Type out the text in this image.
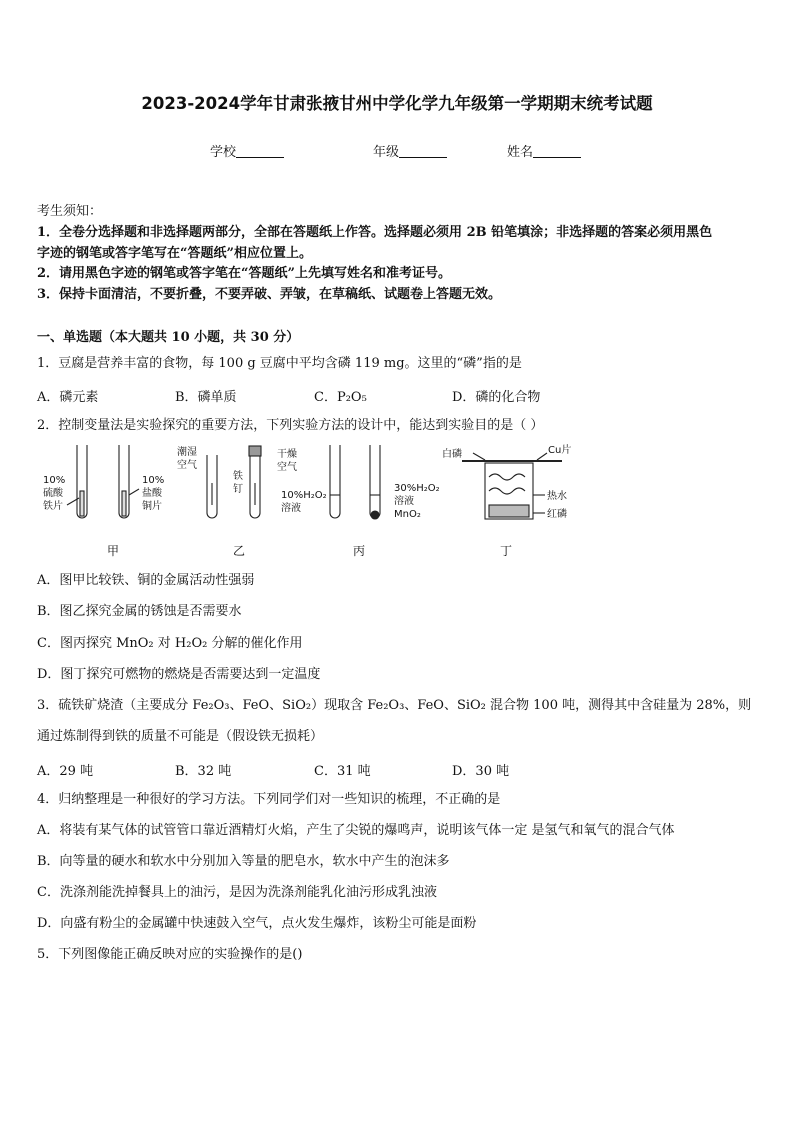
2023-2024学年甘肃张掖甘州中学化学九年级第一学期期末统考试题
学校	年级	姓名
考生须知：
1．全卷分选择题和非选择题两部分，全部在答题纸上作答。选择题必须用 2B 铅笔填涂；非选择题的答案必须用黑色
字迹的钢笔或答字笔写在“答题纸”相应位置上。
2．请用黑色字迹的钢笔或答字笔在“答题纸”上先填写姓名和准考证号。
3．保持卡面清洁，不要折叠，不要弄破、弄皱，在草稿纸、试题卷上答题无效。
一、单选题（本大题共 10 小题，共 30 分）
1．豆腐是营养丰富的食物，每 100 g 豆腐中平均含磷 119 mg。这里的“磷”指的是
A．磷元素	B．磷单质	C．P₂O₅	D．磷的化合物
2．控制变量法是实验探究的重要方法，下列实验方法的设计中，能达到实验目的是（ ）
10%
硫酸
铁片
10%
盐酸
铜片
潮湿
空气
铁
钉
干燥
空气
10%H₂O₂
溶液
30%H₂O₂
溶液
MnO₂
白磷	Cu片
热水
红磷
甲	乙	丙	丁
A．图甲比较铁、铜的金属活动性强弱
B．图乙探究金属的锈蚀是否需要水
C．图丙探究 MnO₂ 对 H₂O₂ 分解的催化作用
D．图丁探究可燃物的燃烧是否需要达到一定温度
3．硫铁矿烧渣（主要成分 Fe₂O₃、FeO、SiO₂）现取含 Fe₂O₃、FeO、SiO₂ 混合物 100 吨，测得其中含硅量为 28%，则
通过炼制得到铁的质量不可能是（假设铁无损耗）
A．29 吨	B．32 吨	C．31 吨	D．30 吨
4．归纳整理是一种很好的学习方法。下列同学们对一些知识的梳理，不正确的是
A．将装有某气体的试管管口靠近酒精灯火焰，产生了尖锐的爆鸣声，说明该气体一定 是氢气和氧气的混合气体
B．向等量的硬水和软水中分别加入等量的肥皂水，软水中产生的泡沫多
C．洗涤剂能洗掉餐具上的油污，是因为洗涤剂能乳化油污形成乳浊液
D．向盛有粉尘的金属罐中快速鼓入空气，点火发生爆炸，该粉尘可能是面粉
5．下列图像能正确反映对应的实验操作的是()
